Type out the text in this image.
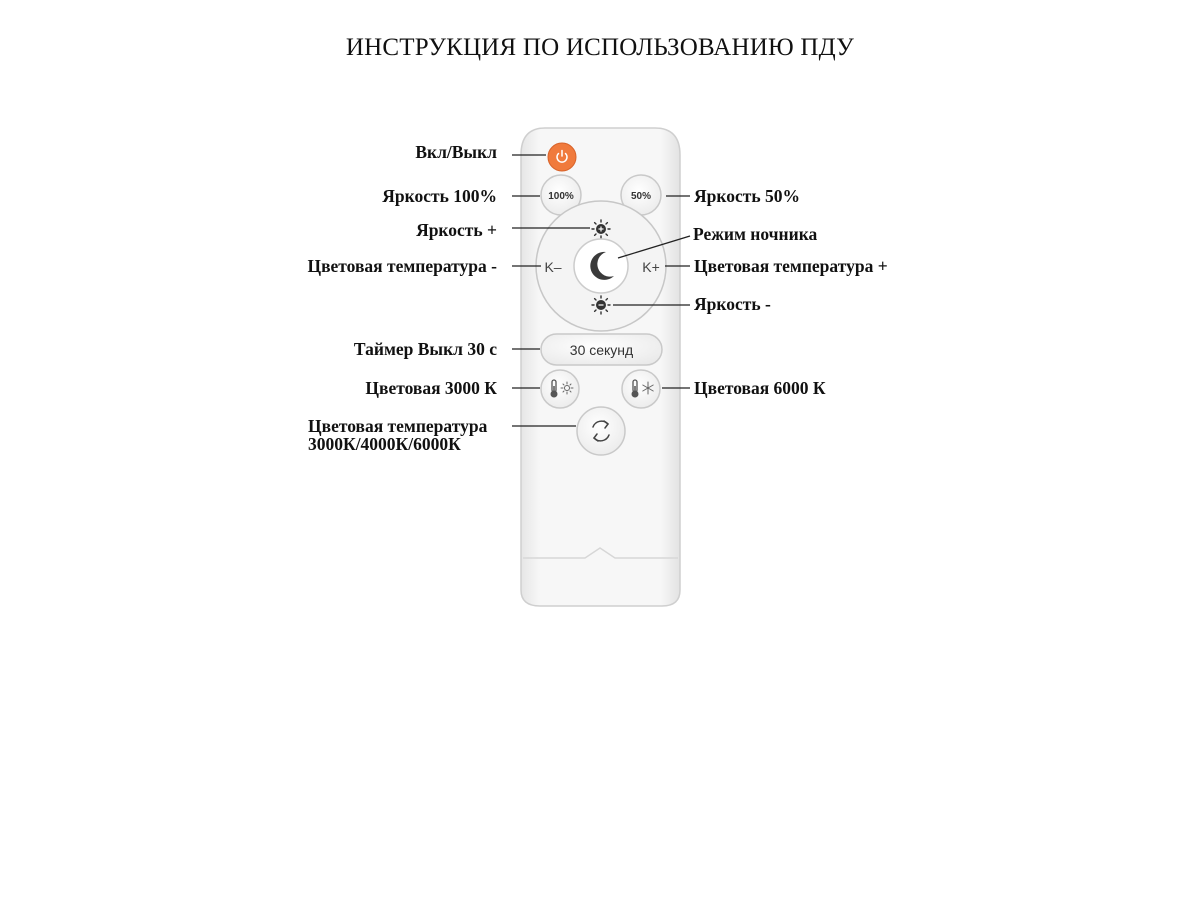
ИНСТРУКЦИЯ ПО ИСПОЛЬЗОВАНИЮ ПДУ
100%	50%
K–	K+
30 секунд
Вкл/Выкл
Яркость 100%
Яркость +
Цветовая температура -
Таймер Выкл 30 с
Цветовая 3000 К
Цветовая температура
3000К/4000К/6000К
Яркость 50%
Режим ночника
Цветовая температура +
Яркость -
Цветовая 6000 К
